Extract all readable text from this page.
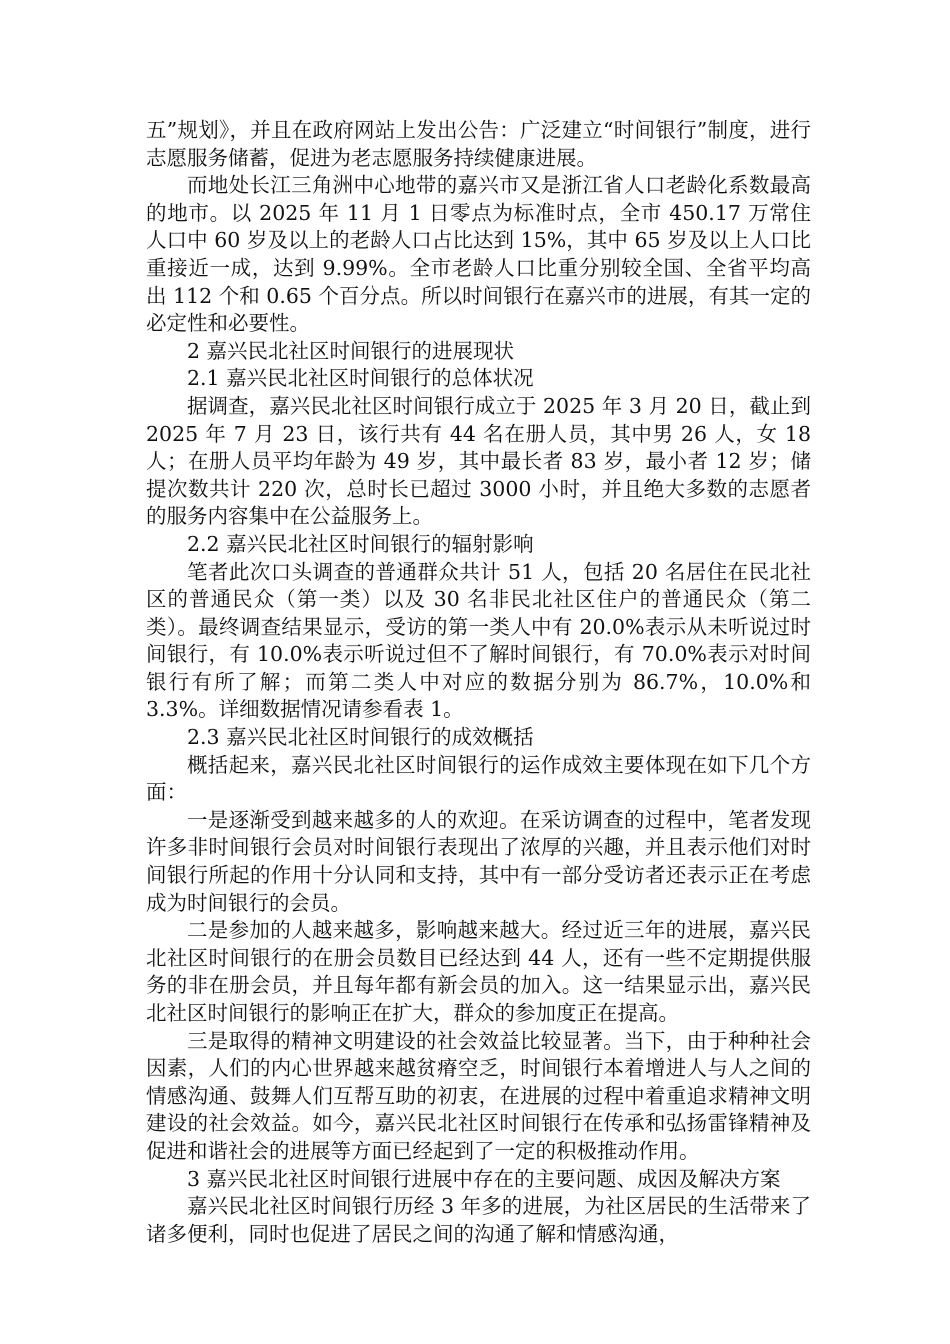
五”规划》，并且在政府网站上发出公告：广泛建立“时间银行”制度，进行志愿服务储蓄，促进为老志愿服务持续健康进展。

而地处长江三角洲中心地带的嘉兴市又是浙江省人口老龄化系数最高的地市。以 2025 年 11 月 1 日零点为标准时点，全市 450.17 万常住人口中 60 岁及以上的老龄人口占比达到 15%，其中 65 岁及以上人口比重接近一成，达到 9.99%。全市老龄人口比重分别较全国、全省平均高出 112 个和 0.65 个百分点。所以时间银行在嘉兴市的进展，有其一定的必定性和必要性。

2 嘉兴民北社区时间银行的进展现状

2.1 嘉兴民北社区时间银行的总体状况

据调查，嘉兴民北社区时间银行成立于 2025 年 3 月 20 日，截止到 2025 年 7 月 23 日，该行共有 44 名在册人员，其中男 26 人，女 18 人；在册人员平均年龄为 49 岁，其中最长者 83 岁，最小者 12 岁；储提次数共计 220 次，总时长已超过 3000 小时，并且绝大多数的志愿者的服务内容集中在公益服务上。

2.2 嘉兴民北社区时间银行的辐射影响

笔者此次口头调查的普通群众共计 51 人，包括 20 名居住在民北社区的普通民众（第一类）以及 30 名非民北社区住户的普通民众（第二类）。最终调查结果显示，受访的第一类人中有 20.0%表示从未听说过时间银行，有 10.0%表示听说过但不了解时间银行，有 70.0%表示对时间银行有所了解；而第二类人中对应的数据分别为 86.7%，10.0%和 3.3%。详细数据情况请参看表 1。

2.3 嘉兴民北社区时间银行的成效概括

概括起来，嘉兴民北社区时间银行的运作成效主要体现在如下几个方面：

一是逐渐受到越来越多的人的欢迎。在采访调查的过程中，笔者发现许多非时间银行会员对时间银行表现出了浓厚的兴趣，并且表示他们对时间银行所起的作用十分认同和支持，其中有一部分受访者还表示正在考虑成为时间银行的会员。

二是参加的人越来越多，影响越来越大。经过近三年的进展，嘉兴民北社区时间银行的在册会员数目已经达到 44 人，还有一些不定期提供服务的非在册会员，并且每年都有新会员的加入。这一结果显示出，嘉兴民北社区时间银行的影响正在扩大，群众的参加度正在提高。

三是取得的精神文明建设的社会效益比较显著。当下，由于种种社会因素，人们的内心世界越来越贫瘠空乏，时间银行本着增进人与人之间的情感沟通、鼓舞人们互帮互助的初衷，在进展的过程中着重追求精神文明建设的社会效益。如今，嘉兴民北社区时间银行在传承和弘扬雷锋精神及促进和谐社会的进展等方面已经起到了一定的积极推动作用。

3 嘉兴民北社区时间银行进展中存在的主要问题、成因及解决方案

嘉兴民北社区时间银行历经 3 年多的进展，为社区居民的生活带来了诸多便利，同时也促进了居民之间的沟通了解和情感沟通，
